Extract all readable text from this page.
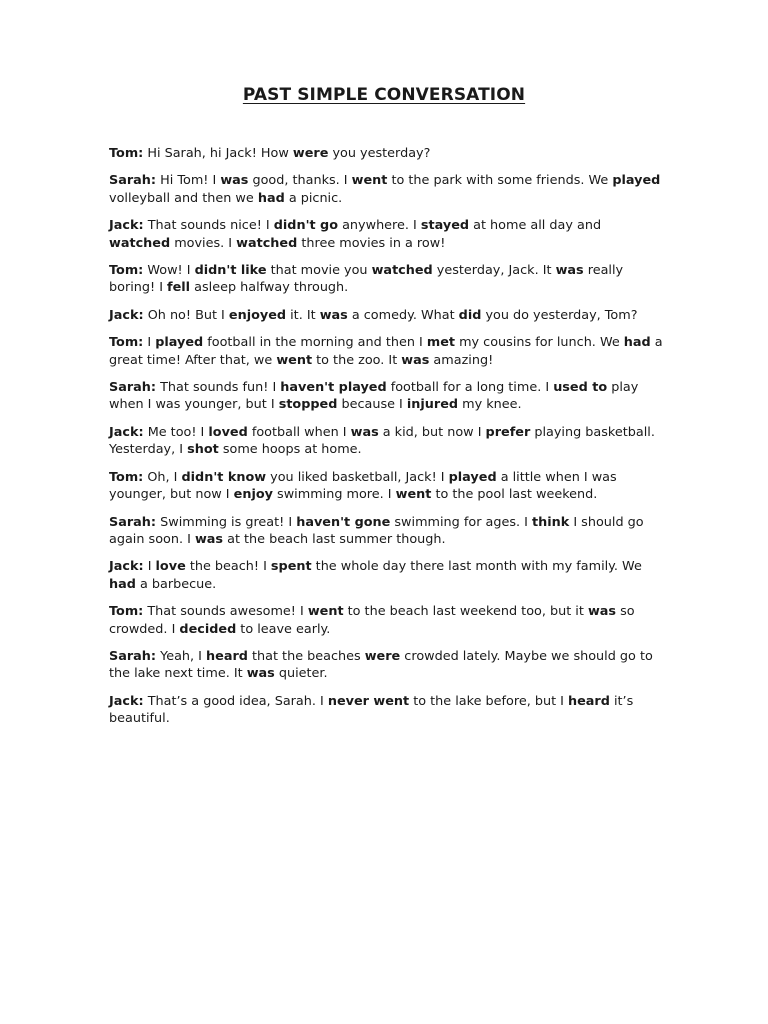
PAST SIMPLE CONVERSATION

Tom: Hi Sarah, hi Jack! How were you yesterday?

Sarah: Hi Tom! I was good, thanks. I went to the park with some friends. We played volleyball and then we had a picnic.

Jack: That sounds nice! I didn't go anywhere. I stayed at home all day and watched movies. I watched three movies in a row!

Tom: Wow! I didn't like that movie you watched yesterday, Jack. It was really boring! I fell asleep halfway through.

Jack: Oh no! But I enjoyed it. It was a comedy. What did you do yesterday, Tom?

Tom: I played football in the morning and then I met my cousins for lunch. We had a great time! After that, we went to the zoo. It was amazing!

Sarah: That sounds fun! I haven't played football for a long time. I used to play when I was younger, but I stopped because I injured my knee.

Jack: Me too! I loved football when I was a kid, but now I prefer playing basketball. Yesterday, I shot some hoops at home.

Tom: Oh, I didn't know you liked basketball, Jack! I played a little when I was younger, but now I enjoy swimming more. I went to the pool last weekend.

Sarah: Swimming is great! I haven't gone swimming for ages. I think I should go again soon. I was at the beach last summer though.

Jack: I love the beach! I spent the whole day there last month with my family. We had a barbecue.

Tom: That sounds awesome! I went to the beach last weekend too, but it was so crowded. I decided to leave early.

Sarah: Yeah, I heard that the beaches were crowded lately. Maybe we should go to the lake next time. It was quieter.

Jack: That’s a good idea, Sarah. I never went to the lake before, but I heard it’s beautiful.
